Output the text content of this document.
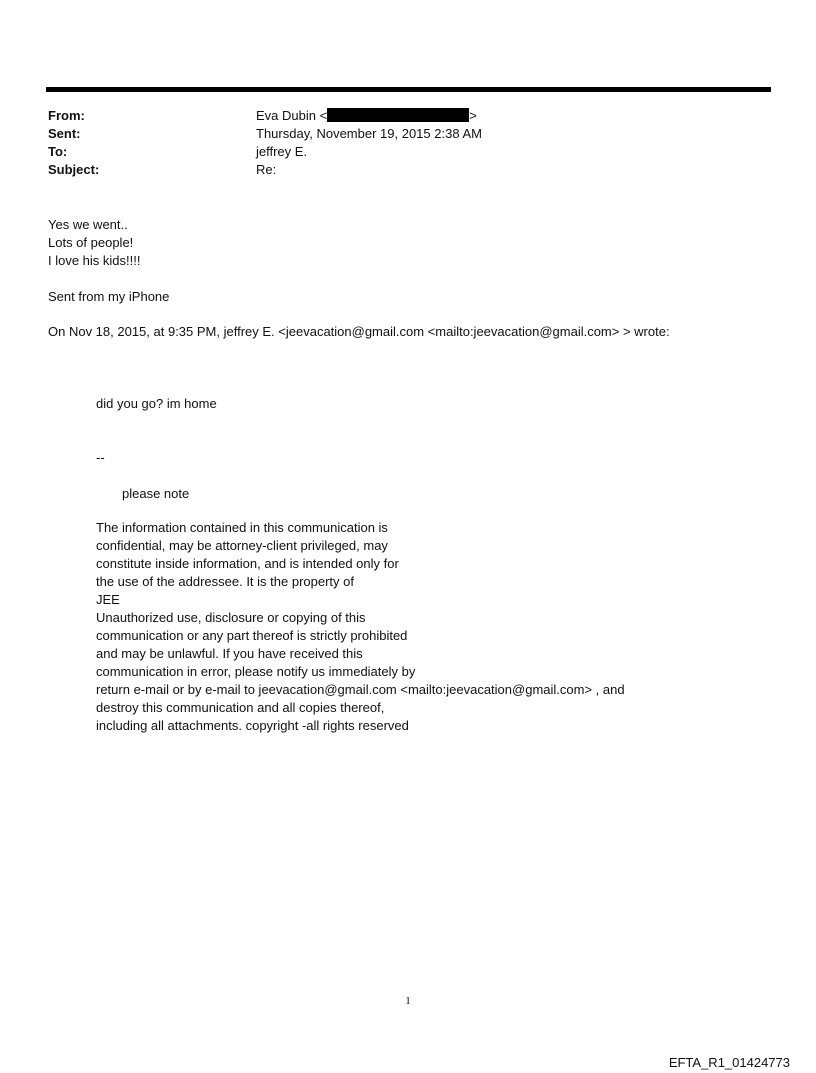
From:	Eva Dubin <	>
Sent:	Thursday, November 19, 2015 2:38 AM
To:	jeffrey E.
Subject:	Re:
Yes we went..
Lots of people!
I love his kids!!!!
Sent from my iPhone
On Nov 18, 2015, at 9:35 PM, jeffrey E. <jeevacation@gmail.com <mailto:jeevacation@gmail.com> > wrote:
did you go? im home
--
please note
The information contained in this communication is
confidential, may be attorney-client privileged, may
constitute inside information, and is intended only for
the use of the addressee. It is the property of
JEE
Unauthorized use, disclosure or copying of this
communication or any part thereof is strictly prohibited
and may be unlawful. If you have received this
communication in error, please notify us immediately by
return e-mail or by e-mail to jeevacation@gmail.com <mailto:jeevacation@gmail.com> , and
destroy this communication and all copies thereof,
including all attachments. copyright -all rights reserved
1
EFTA_R1_01424773
